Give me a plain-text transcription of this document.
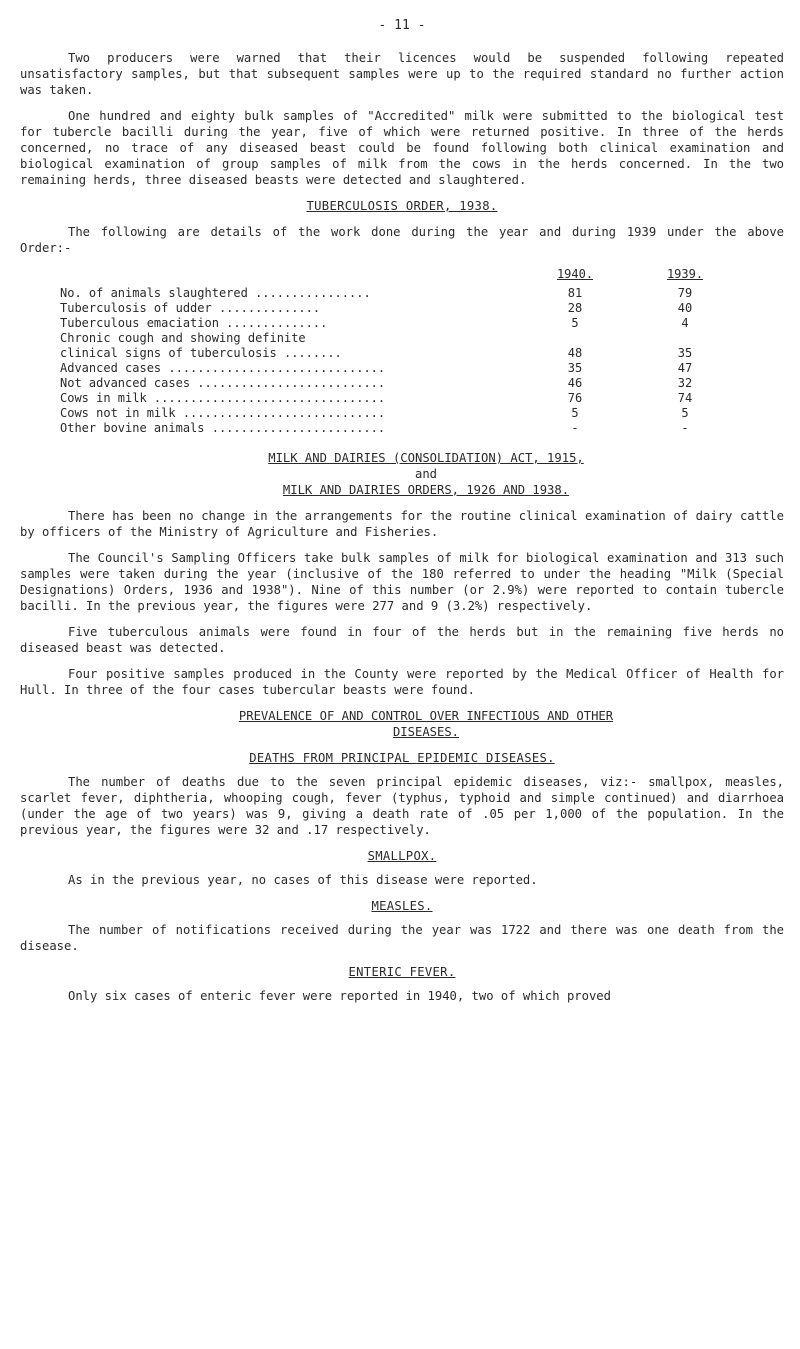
- 11 -

Two producers were warned that their licences would be suspended following repeated unsatisfactory samples, but that subsequent samples were up to the required standard no further action was taken.

One hundred and eighty bulk samples of "Accredited" milk were submitted to the biological test for tubercle bacilli during the year, five of which were returned positive. In three of the herds concerned, no trace of any diseased beast could be found following both clinical examination and biological examination of group samples of milk from the cows in the herds concerned. In the two remaining herds, three diseased beasts were detected and slaughtered.

TUBERCULOSIS ORDER, 1938.

The following are details of the work done during the year and during 1939 under the above Order:-

	1940.	1939.
No. of animals slaughtered ................	81	79
Tuberculosis of udder ..............	28	40
Tuberculous emaciation ..............	5	4
Chronic cough and showing definite		
clinical signs of tuberculosis ........	48	35
Advanced cases ..............................	35	47
Not advanced cases ..........................	46	32
Cows in milk ................................	76	74
Cows not in milk ............................	5	5
Other bovine animals ........................	-	-

MILK AND DAIRIES (CONSOLIDATION) ACT, 1915,

and

MILK AND DAIRIES ORDERS, 1926 AND 1938.

There has been no change in the arrangements for the routine clinical examination of dairy cattle by officers of the Ministry of Agriculture and Fisheries.

The Council's Sampling Officers take bulk samples of milk for biological examination and 313 such samples were taken during the year (inclusive of the 180 referred to under the heading "Milk (Special Designations) Orders, 1936 and 1938"). Nine of this number (or 2.9%) were reported to contain tubercle bacilli. In the previous year, the figures were 277 and 9 (3.2%) respectively.

Five tuberculous animals were found in four of the herds but in the remaining five herds no diseased beast was detected.

Four positive samples produced in the County were reported by the Medical Officer of Health for Hull. In three of the four cases tubercular beasts were found.

PREVALENCE OF AND CONTROL OVER INFECTIOUS AND OTHER

DISEASES.

DEATHS FROM PRINCIPAL EPIDEMIC DISEASES.

The number of deaths due to the seven principal epidemic diseases, viz:- smallpox, measles, scarlet fever, diphtheria, whooping cough, fever (typhus, typhoid and simple continued) and diarrhoea (under the age of two years) was 9, giving a death rate of .05 per 1,000 of the population. In the previous year, the figures were 32 and .17 respectively.

SMALLPOX.

As in the previous year, no cases of this disease were reported.

MEASLES.

The number of notifications received during the year was 1722 and there was one death from the disease.

ENTERIC FEVER.

Only six cases of enteric fever were reported in 1940, two of which proved
